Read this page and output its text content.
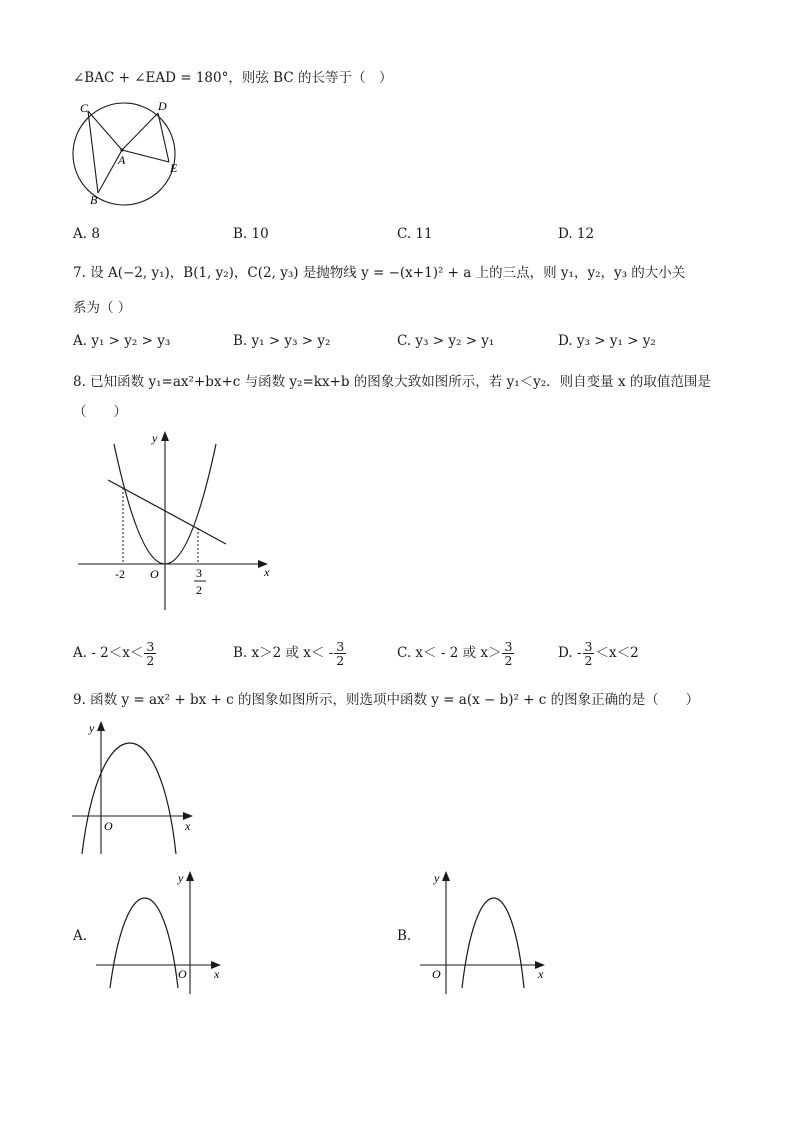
∠BAC + ∠EAD = 180°，则弦 BC 的长等于（　）
C	D
A
E
B
A. 8	B. 10	C. 11	D. 12
7. 设 A(−2, y₁)，B(1, y₂)，C(2, y₃) 是抛物线 y = −(x+1)² + a 上的三点，则 y₁，y₂，y₃ 的大小关
系为（ ）
A. y₁ > y₂ > y₃	B. y₁ > y₃ > y₂	C. y₃ > y₂ > y₁	D. y₃ > y₁ > y₂
8. 已知函数 y₁=ax²+bx+c 与函数 y₂=kx+b 的图象大致如图所示，若 y₁＜y₂．则自变量 x 的取值范围是
（　　）
y
x
O
-2	3
2
A. - $2<x< \frac{3}{2}$	B. x＞2 或 $x< - \frac{3}{2}$	C. x＜ - 2 或 $x> \frac{3}{2}$	D. - $\frac{3}{2} <x<2$
9. 函数 y = ax² + bx + c 的图象如图所示，则选项中函数 y = a(x − b)² + c 的图象正确的是（　　）
y
x
O
A.
y
x
O
B.
y
x
O
